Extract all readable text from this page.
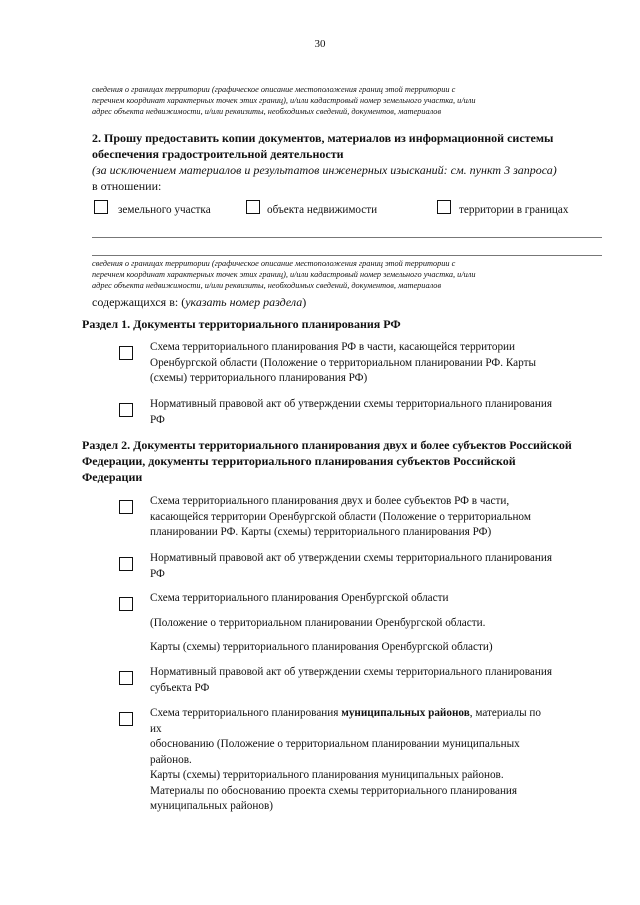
30
сведения о границах территории (графическое описание местоположения границ этой территории с
перечнем координат характерных точек этих границ), и/или кадастровый номер земельного участка, и/или
адрес объекта недвижимости, и/или реквизиты, необходимых сведений, документов, материалов
2. Прошу предоставить копии документов, материалов из информационной системы
обеспечения градостроительной деятельности
(за исключением материалов и результатов инженерных изысканий: см. пункт 3 запроса)
в отношении:
земельного участка	объекта недвижимости	территории в границах
сведения о границах территории (графическое описание местоположения границ этой территории с
перечнем координат характерных точек этих границ), и/или кадастровый номер земельного участка, и/или
адрес объекта недвижимости, и/или реквизиты, необходимых сведений, документов, материалов
содержащихся в: (указать номер раздела)
Раздел 1. Документы территориального планирования РФ
Схема территориального планирования РФ в части, касающейся территории
Оренбургской области (Положение о территориальном планировании РФ. Карты
(схемы) территориального планирования РФ)
Нормативный правовой акт об утверждении схемы территориального планирования
РФ
Раздел 2. Документы территориального планирования двух и более субъектов Российской
Федерации, документы территориального планирования субъектов Российской
Федерации
Схема территориального планирования двух и более субъектов РФ в части,
касающейся территории Оренбургской области (Положение о территориальном
планировании РФ. Карты (схемы) территориального планирования РФ)
Нормативный правовой акт об утверждении схемы территориального планирования
РФ
Схема территориального планирования Оренбургской области
(Положение о территориальном планировании Оренбургской области.
Карты (схемы) территориального планирования Оренбургской области)
Нормативный правовой акт об утверждении схемы территориального планирования
субъекта РФ
Схема территориального планирования муниципальных районов, материалы по
их
обоснованию (Положение о территориальном планировании муниципальных
районов.
Карты (схемы) территориального планирования муниципальных районов.
Материалы по обоснованию проекта схемы территориального планирования
муниципальных районов)
